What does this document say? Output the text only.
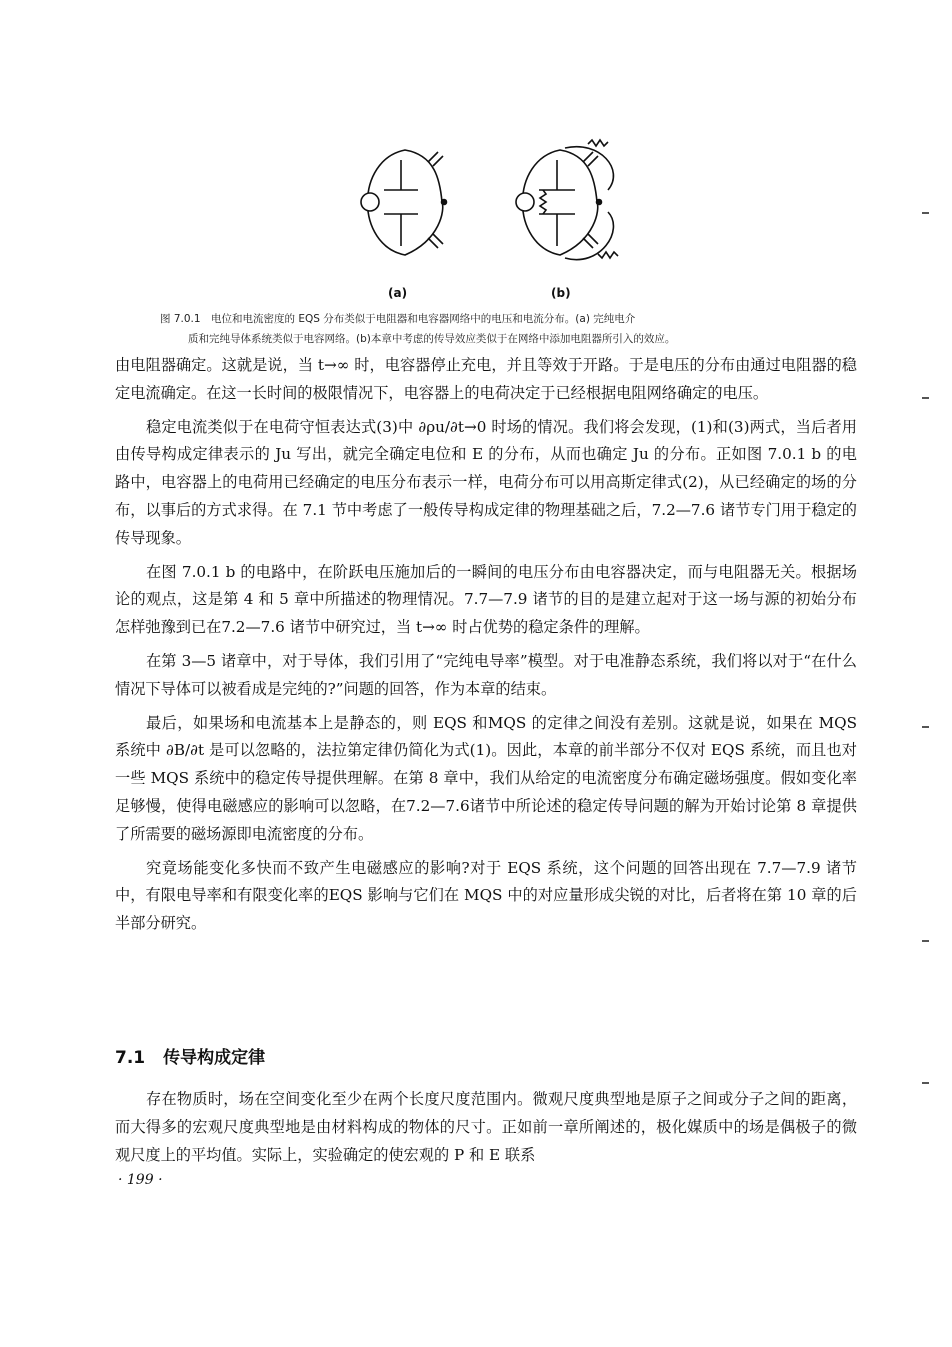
(a)	(b)
图 7.0.1　电位和电流密度的 EQS 分布类似于电阻器和电容器网络中的电压和电流分布。(a) 完纯电介
质和完纯导体系统类似于电容网络。(b)本章中考虑的传导效应类似于在网络中添加电阻器所引入的效应。

由电阻器确定。这就是说，当 t→∞ 时，电容器停止充电，并且等效于开路。于是电压的分布由通过电阻器的稳定电流确定。在这一长时间的极限情况下，电容器上的电荷决定于已经根据电阻网络确定的电压。

稳定电流类似于在电荷守恒表达式(3)中 ∂ρu/∂t→0 时场的情况。我们将会发现，(1)和(3)两式，当后者用由传导构成定律表示的 Ju 写出，就完全确定电位和 E 的分布，从而也确定 Ju 的分布。正如图 7.0.1 b 的电路中，电容器上的电荷用已经确定的电压分布表示一样，电荷分布可以用高斯定律式(2)，从已经确定的场的分布，以事后的方式求得。在 7.1 节中考虑了一般传导构成定律的物理基础之后，7.2—7.6 诸节专门用于稳定的传导现象。

在图 7.0.1 b 的电路中，在阶跃电压施加后的一瞬间的电压分布由电容器决定，而与电阻器无关。根据场论的观点，这是第 4 和 5 章中所描述的物理情况。7.7—7.9 诸节的目的是建立起对于这一场与源的初始分布怎样弛豫到已在7.2—7.6 诸节中研究过，当 t→∞ 时占优势的稳定条件的理解。

在第 3—5 诸章中，对于导体，我们引用了“完纯电导率”模型。对于电准静态系统，我们将以对于“在什么情况下导体可以被看成是完纯的?”问题的回答，作为本章的结束。

最后，如果场和电流基本上是静态的，则 EQS 和MQS 的定律之间没有差别。这就是说，如果在 MQS 系统中 ∂B/∂t 是可以忽略的，法拉第定律仍简化为式(1)。因此，本章的前半部分不仅对 EQS 系统，而且也对一些 MQS 系统中的稳定传导提供理解。在第 8 章中，我们从给定的电流密度分布确定磁场强度。假如变化率足够慢，使得电磁感应的影响可以忽略，在7.2—7.6诸节中所论述的稳定传导问题的解为开始讨论第 8 章提供了所需要的磁场源即电流密度的分布。

究竟场能变化多快而不致产生电磁感应的影响?对于 EQS 系统，这个问题的回答出现在 7.7—7.9 诸节中，有限电导率和有限变化率的EQS 影响与它们在 MQS 中的对应量形成尖锐的对比，后者将在第 10 章的后半部分研究。

7.1 传导构成定律

存在物质时，场在空间变化至少在两个长度尺度范围内。微观尺度典型地是原子之间或分子之间的距离，而大得多的宏观尺度典型地是由材料构成的物体的尺寸。正如前一章所阐述的，极化媒质中的场是偶极子的微观尺度上的平均值。实际上，实验确定的使宏观的 P 和 E 联系

· 199 ·
